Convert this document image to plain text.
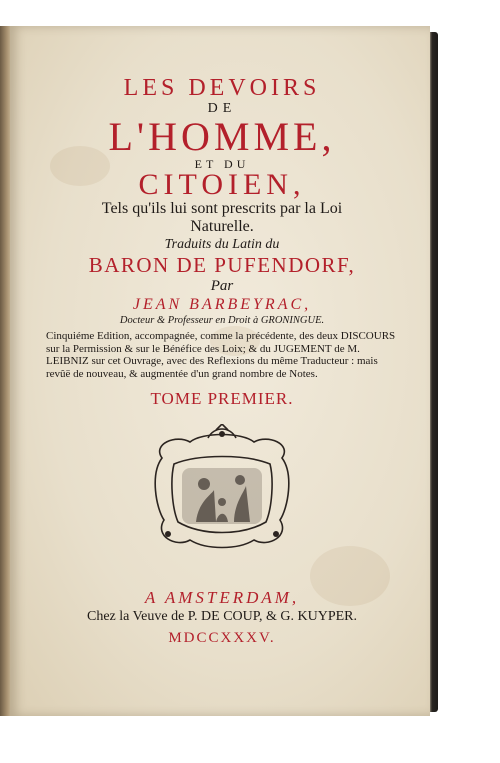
LES DEVOIRS
DE
L'HOMME,
ET DU
CITOIEN,
Tels qu'ils lui sont prescrits par la Loi
Naturelle.
Traduits du Latin du
BARON DE PUFENDORF,
Par
JEAN BARBEYRAC,
Docteur & Professeur en Droit à GRONINGUE.
Cinquiéme Edition, accompagnée, comme la précédente, des deux DISCOURS sur la Permission & sur le Bénéfice des Loix; & du JUGEMENT de M. LEIBNIZ sur cet Ouvrage, avec des Reflexions du même Traducteur : mais revûë de nouveau, & augmentée d'un grand nombre de Notes.
TOME PREMIER.
A AMSTERDAM,
Chez la Veuve de P. DE COUP, & G. KUYPER.
MDCCXXXV.
